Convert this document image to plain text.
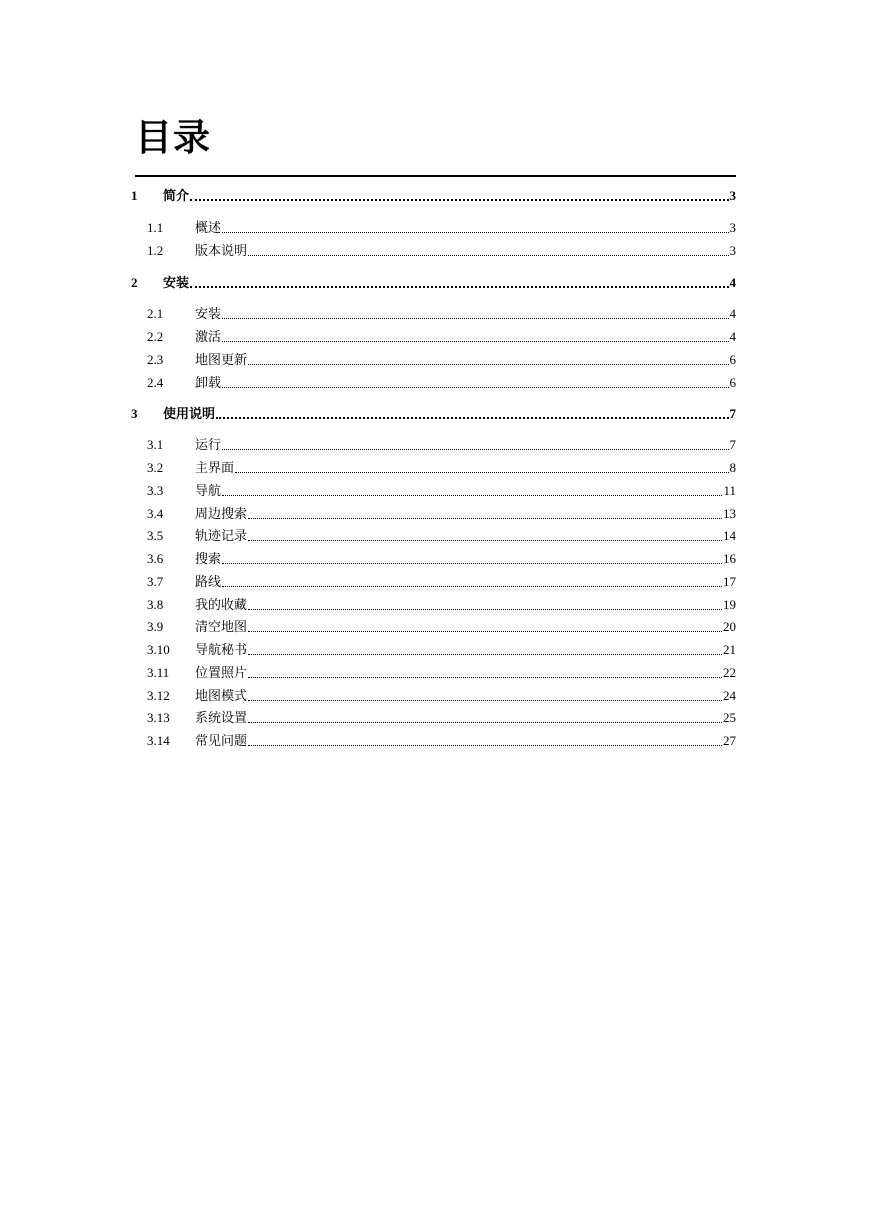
目录
1	简介	3
1.1	概述	3
1.2	版本说明	3
2	安装	4
2.1	安装	4
2.2	激活	4
2.3	地图更新	6
2.4	卸载	6
3	使用说明	7
3.1	运行	7
3.2	主界面	8
3.3	导航	11
3.4	周边搜索	13
3.5	轨迹记录	14
3.6	搜索	16
3.7	路线	17
3.8	我的收藏	19
3.9	清空地图	20
3.10	导航秘书	21
3.11	位置照片	22
3.12	地图模式	24
3.13	系统设置	25
3.14	常见问题	27
